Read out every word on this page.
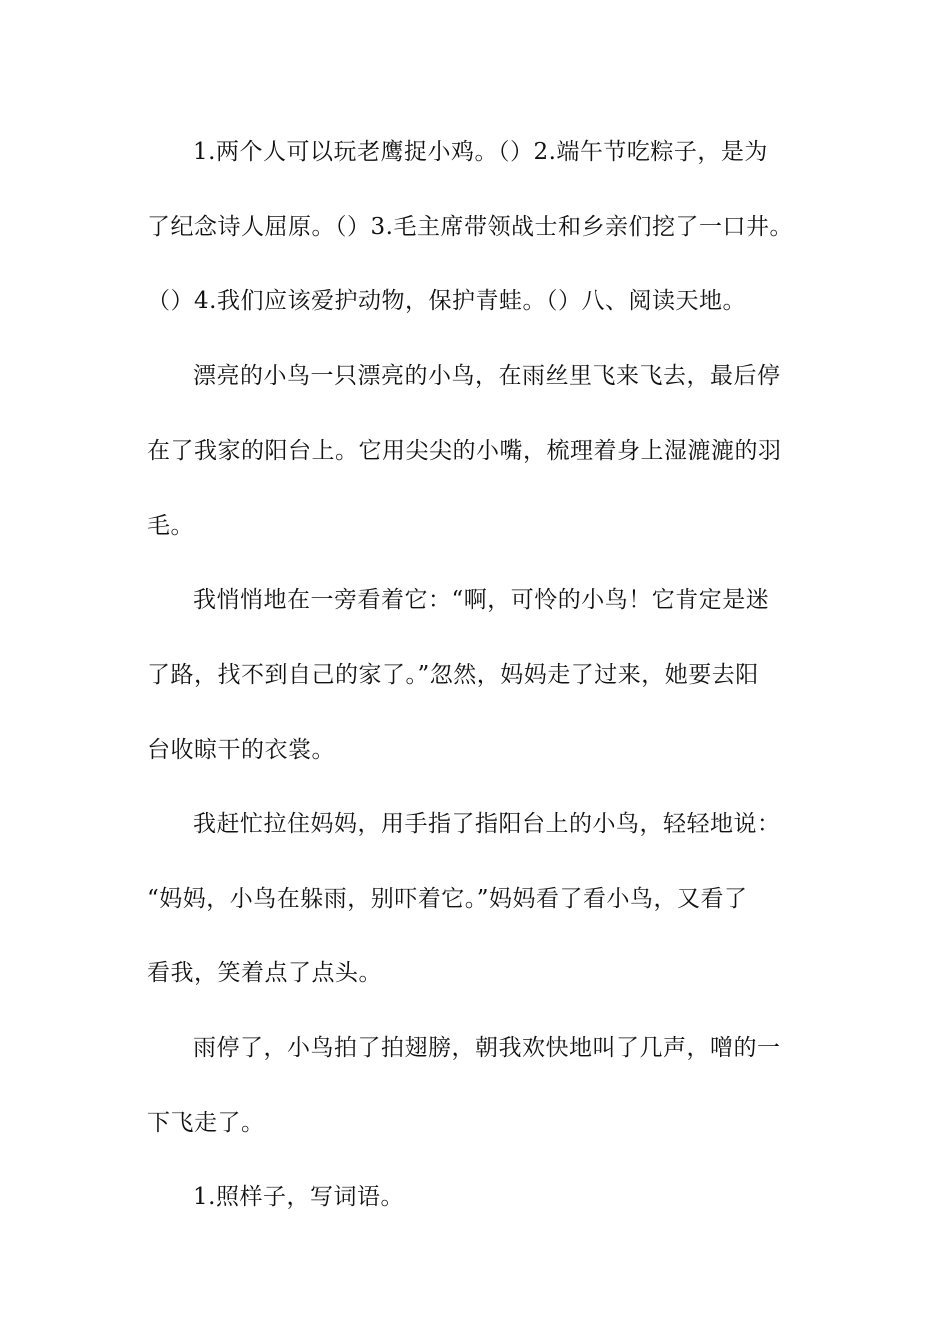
1.两个人可以玩老鹰捉小鸡。（）2.端午节吃粽子，是为
了纪念诗人屈原。（）3.毛主席带领战士和乡亲们挖了一口井。
（）4.我们应该爱护动物，保护青蛙。（）八、阅读天地。
漂亮的小鸟一只漂亮的小鸟，在雨丝里飞来飞去，最后停
在了我家的阳台上。它用尖尖的小嘴，梳理着身上湿漉漉的羽
毛。
我悄悄地在一旁看着它：“啊，可怜的小鸟！它肯定是迷
了路，找不到自己的家了。”忽然，妈妈走了过来，她要去阳
台收晾干的衣裳。
我赶忙拉住妈妈，用手指了指阳台上的小鸟，轻轻地说：
“妈妈，小鸟在躲雨，别吓着它。”妈妈看了看小鸟，又看了
看我，笑着点了点头。
雨停了，小鸟拍了拍翅膀，朝我欢快地叫了几声，噌的一
下飞走了。
1.照样子，写词语。
